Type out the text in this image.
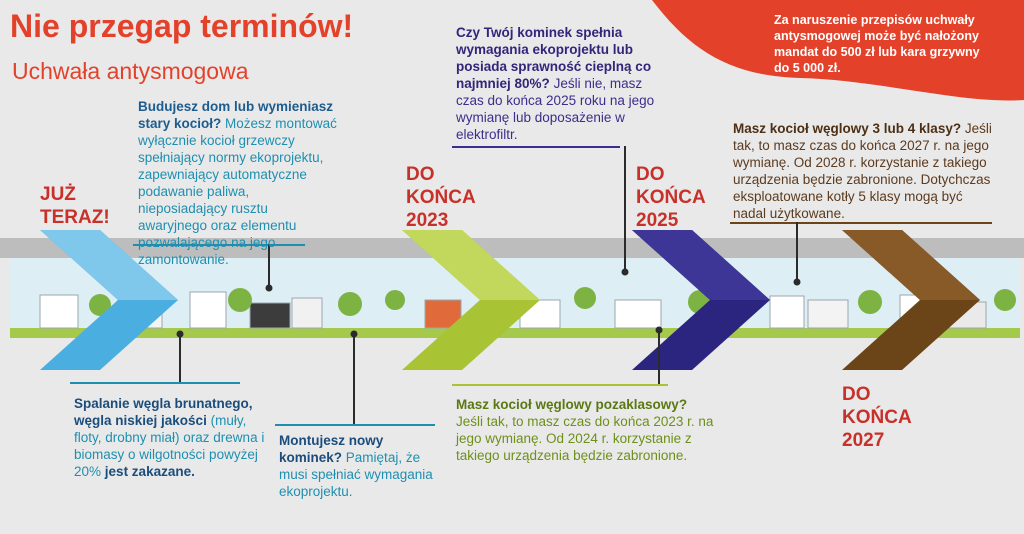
Nie przegap terminów!
Uchwała antysmogowa
Za naruszenie przepisów uchwały antysmogowej może być nałożony mandat do 500 zł lub kara grzywny do 5 000 zł.
JUŻ TERAZ!
DO KOŃCA 2023
DO KOŃCA 2025
DO KOŃCA 2027
Budujesz dom lub wymieniasz stary kocioł? Możesz montować wyłącznie kocioł grzewczy spełniający normy ekoprojektu, zapewniający automatyczne podawanie paliwa, nieposiadający rusztu awaryjnego oraz elementu pozwalającego na jego zamontowanie.
Czy Twój kominek spełnia wymagania ekoprojektu lub posiada sprawność cieplną co najmniej 80%? Jeśli nie, masz czas do końca 2025 roku na jego wymianę lub doposażenie w elektrofiltr.	Masz kocioł węglowy 3 lub 4 klasy? Jeśli tak, to masz czas do końca 2027 r. na jego wymianę. Od 2028 r. korzystanie z takiego urządzenia będzie zabronione. Dotychczas eksploatowane kotły 5 klasy mogą być nadal użytkowane.
Spalanie węgla brunatnego, węgla niskiej jakości (muły, floty, drobny miał) oraz drewna i biomasy o wilgotności powyżej 20% jest zakazane.
Montujesz nowy kominek? Pamiętaj, że musi spełniać wymagania ekoprojektu.
Masz kocioł węglowy pozaklasowy? Jeśli tak, to masz czas do końca 2023 r. na jego wymianę. Od 2024 r. korzystanie z takiego urządzenia będzie zabronione.
